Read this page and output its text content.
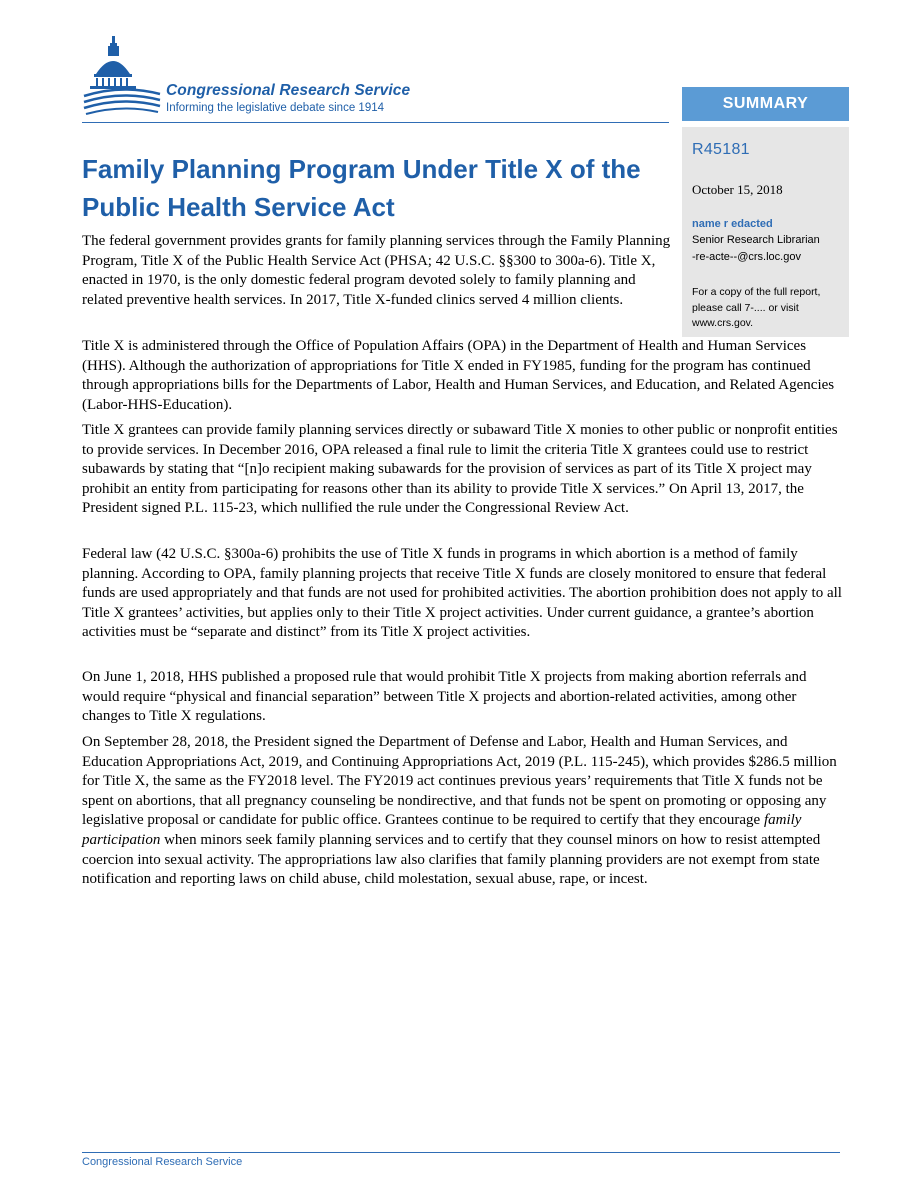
Congressional Research Service
Informing the legislative debate since 1914	SUMMARY
R45181
October 15, 2018
name r edacted
Senior Research Librarian
-re-acte--@crs.loc.gov
For a copy of the full report, please call 7-.... or visit www.crs.gov.
Family Planning Program Under Title X of the Public Health Service Act

The federal government provides grants for family planning services through the Family Planning Program, Title X of the Public Health Service Act (PHSA; 42 U.S.C. §§300 to 300a-6). Title X, enacted in 1970, is the only domestic federal program devoted solely to family planning and related preventive health services. In 2017, Title X-funded clinics served 4 million clients.

Title X is administered through the Office of Population Affairs (OPA) in the Department of Health and Human Services (HHS). Although the authorization of appropriations for Title X ended in FY1985, funding for the program has continued through appropriations bills for the Departments of Labor, Health and Human Services, and Education, and Related Agencies (Labor-HHS-Education).

Title X grantees can provide family planning services directly or subaward Title X monies to other public or nonprofit entities to provide services. In December 2016, OPA released a final rule to limit the criteria Title X grantees could use to restrict subawards by stating that “[n]o recipient making subawards for the provision of services as part of its Title X project may prohibit an entity from participating for reasons other than its ability to provide Title X services.” On April 13, 2017, the President signed P.L. 115-23, which nullified the rule under the Congressional Review Act.

Federal law (42 U.S.C. §300a-6) prohibits the use of Title X funds in programs in which abortion is a method of family planning. According to OPA, family planning projects that receive Title X funds are closely monitored to ensure that federal funds are used appropriately and that funds are not used for prohibited activities. The abortion prohibition does not apply to all Title X grantees’ activities, but applies only to their Title X project activities. Under current guidance, a grantee’s abortion activities must be “separate and distinct” from its Title X project activities.

On June 1, 2018, HHS published a proposed rule that would prohibit Title X projects from making abortion referrals and would require “physical and financial separation” between Title X projects and abortion-related activities, among other changes to Title X regulations.

On September 28, 2018, the President signed the Department of Defense and Labor, Health and Human Services, and Education Appropriations Act, 2019, and Continuing Appropriations Act, 2019 (P.L. 115-245), which provides $286.5 million for Title X, the same as the FY2018 level. The FY2019 act continues previous years’ requirements that Title X funds not be spent on abortions, that all pregnancy counseling be nondirective, and that funds not be spent on promoting or opposing any legislative proposal or candidate for public office. Grantees continue to be required to certify that they encourage family participation when minors seek family planning services and to certify that they counsel minors on how to resist attempted coercion into sexual activity. The appropriations law also clarifies that family planning providers are not exempt from state notification and reporting laws on child abuse, child molestation, sexual abuse, rape, or incest.

Congressional Research Service
